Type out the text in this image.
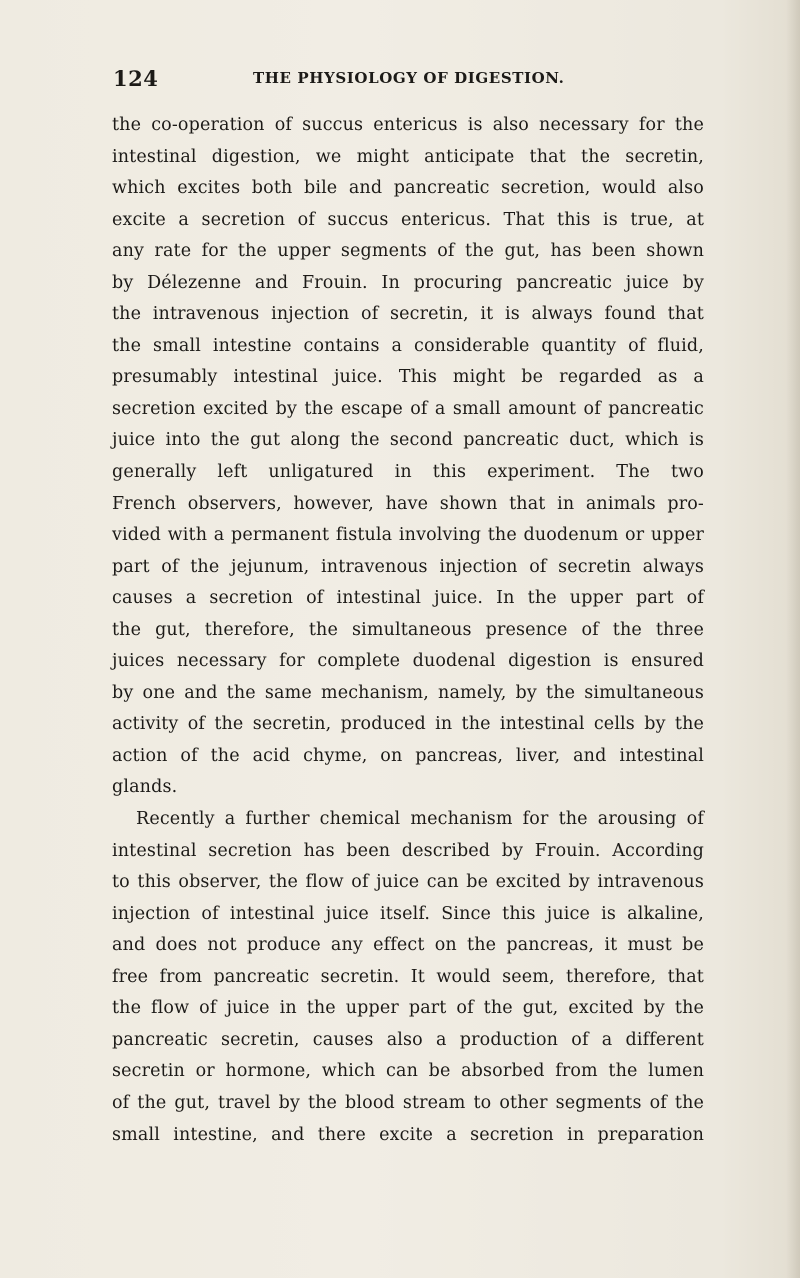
124	THE PHYSIOLOGY OF DIGESTION.
the co-operation of succus entericus is also necessary for the
intestinal digestion, we might anticipate that the secretin,
which excites both bile and pancreatic secretion, would also
excite a secretion of succus entericus. That this is true, at
any rate for the upper segments of the gut, has been shown
by Délezenne and Frouin. In procuring pancreatic juice by
the intravenous injection of secretin, it is always found that
the small intestine contains a considerable quantity of fluid,
presumably intestinal juice. This might be regarded as a
secretion excited by the escape of a small amount of pancreatic
juice into the gut along the second pancreatic duct, which is
generally left unligatured in this experiment. The two
French observers, however, have shown that in animals pro-
vided with a permanent fistula involving the duodenum or upper
part of the jejunum, intravenous injection of secretin always
causes a secretion of intestinal juice. In the upper part of
the gut, therefore, the simultaneous presence of the three
juices necessary for complete duodenal digestion is ensured
by one and the same mechanism, namely, by the simultaneous
activity of the secretin, produced in the intestinal cells by the
action of the acid chyme, on pancreas, liver, and intestinal
glands.
Recently a further chemical mechanism for the arousing of
intestinal secretion has been described by Frouin. According
to this observer, the flow of juice can be excited by intravenous
injection of intestinal juice itself. Since this juice is alkaline,
and does not produce any effect on the pancreas, it must be
free from pancreatic secretin. It would seem, therefore, that
the flow of juice in the upper part of the gut, excited by the
pancreatic secretin, causes also a production of a different
secretin or hormone, which can be absorbed from the lumen
of the gut, travel by the blood stream to other segments of the
small intestine, and there excite a secretion in preparation
